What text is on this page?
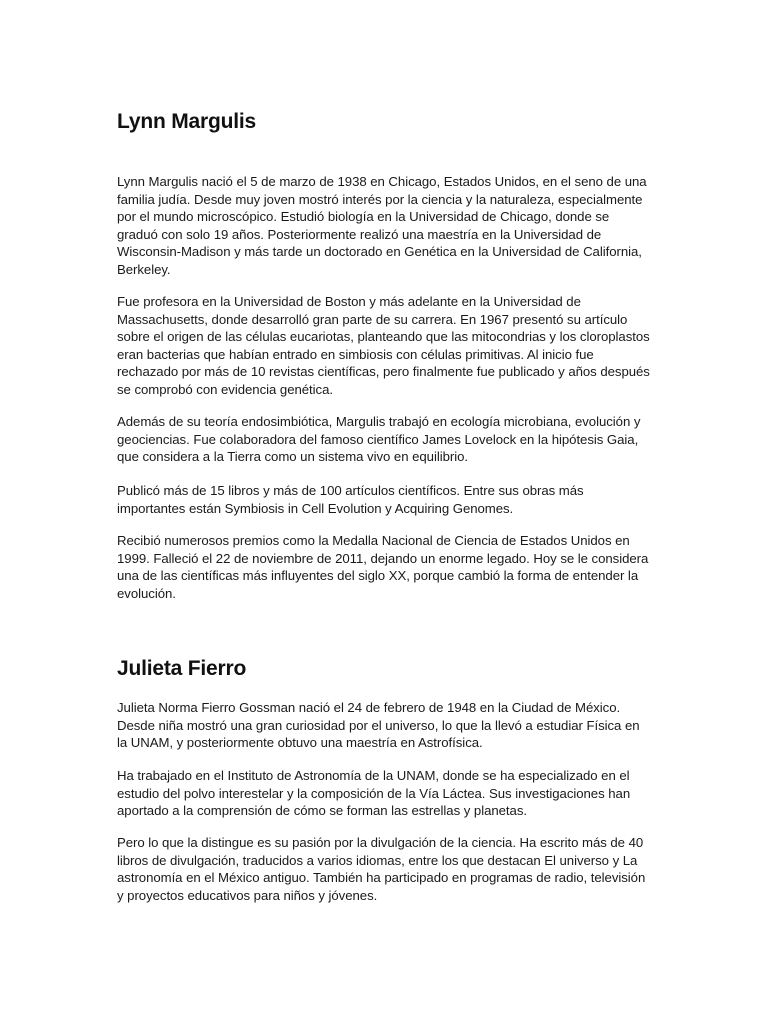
Lynn Margulis

Lynn Margulis nació el 5 de marzo de 1938 en Chicago, Estados Unidos, en el seno de una familia judía. Desde muy joven mostró interés por la ciencia y la naturaleza, especialmente por el mundo microscópico. Estudió biología en la Universidad de Chicago, donde se graduó con solo 19 años. Posteriormente realizó una maestría en la Universidad de Wisconsin-Madison y más tarde un doctorado en Genética en la Universidad de California, Berkeley.

Fue profesora en la Universidad de Boston y más adelante en la Universidad de Massachusetts, donde desarrolló gran parte de su carrera. En 1967 presentó su artículo sobre el origen de las células eucariotas, planteando que las mitocondrias y los cloroplastos eran bacterias que habían entrado en simbiosis con células primitivas. Al inicio fue rechazado por más de 10 revistas científicas, pero finalmente fue publicado y años después se comprobó con evidencia genética.

Además de su teoría endosimbiótica, Margulis trabajó en ecología microbiana, evolución y geociencias. Fue colaboradora del famoso científico James Lovelock en la hipótesis Gaia, que considera a la Tierra como un sistema vivo en equilibrio.

Publicó más de 15 libros y más de 100 artículos científicos. Entre sus obras más importantes están Symbiosis in Cell Evolution y Acquiring Genomes.

Recibió numerosos premios como la Medalla Nacional de Ciencia de Estados Unidos en 1999. Falleció el 22 de noviembre de 2011, dejando un enorme legado. Hoy se le considera una de las científicas más influyentes del siglo XX, porque cambió la forma de entender la evolución.

Julieta Fierro

Julieta Norma Fierro Gossman nació el 24 de febrero de 1948 en la Ciudad de México. Desde niña mostró una gran curiosidad por el universo, lo que la llevó a estudiar Física en la UNAM, y posteriormente obtuvo una maestría en Astrofísica.

Ha trabajado en el Instituto de Astronomía de la UNAM, donde se ha especializado en el estudio del polvo interestelar y la composición de la Vía Láctea. Sus investigaciones han aportado a la comprensión de cómo se forman las estrellas y planetas.

Pero lo que la distingue es su pasión por la divulgación de la ciencia. Ha escrito más de 40 libros de divulgación, traducidos a varios idiomas, entre los que destacan El universo y La astronomía en el México antiguo. También ha participado en programas de radio, televisión y proyectos educativos para niños y jóvenes.
